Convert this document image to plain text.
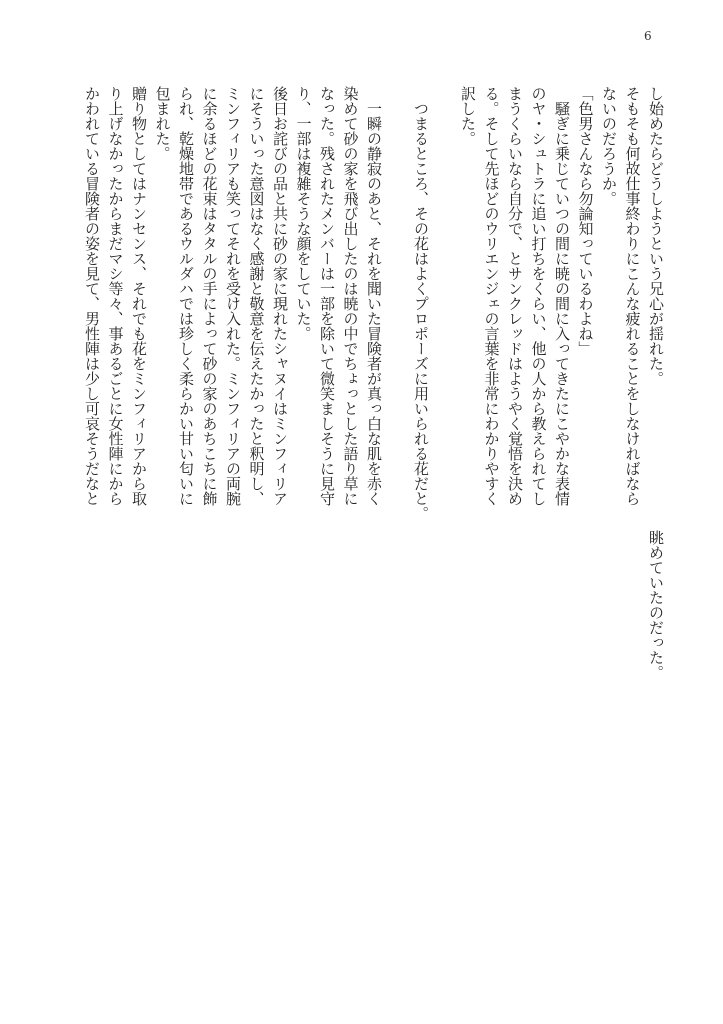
6
し始めたらどうしようという兄心が揺れた。
そもそも何故仕事終わりにこんな疲れることをしなければなら
ないのだろうか。
「色男さんなら勿論知っているわよね」
　騒ぎに乗じていつの間に暁の間に入ってきたにこやかな表情
のヤ・シュトラに追い打ちをくらい、他の人から教えられてし
まうくらいなら自分で、とサンクレッドはようやく覚悟を決め
る。そして先ほどのウリエンジェの言葉を非常にわかりやすく
訳した。
　つまるところ、その花はよくプロポーズに用いられる花だと。
　一瞬の静寂のあと、それを聞いた冒険者が真っ白な肌を赤く
染めて砂の家を飛び出したのは暁の中でちょっとした語り草に
なった。残されたメンバーは一部を除いて微笑ましそうに見守
り、一部は複雑そうな顔をしていた。
後日お詫びの品と共に砂の家に現れたシャヌイはミンフィリア
にそういった意図はなく感謝と敬意を伝えたかったと釈明し、
ミンフィリアも笑ってそれを受け入れた。ミンフィリアの両腕
に余るほどの花束はタタルの手によって砂の家のあちこちに飾
られ、乾燥地帯であるウルダハでは珍しく柔らかい甘い匂いに
包まれた。
贈り物としてはナンセンス、それでも花をミンフィリアから取
り上げなかったからまだマシ等々、事あるごとに女性陣にから
かわれている冒険者の姿を見て、男性陣は少し可哀そうだなと
眺めていたのだった。
